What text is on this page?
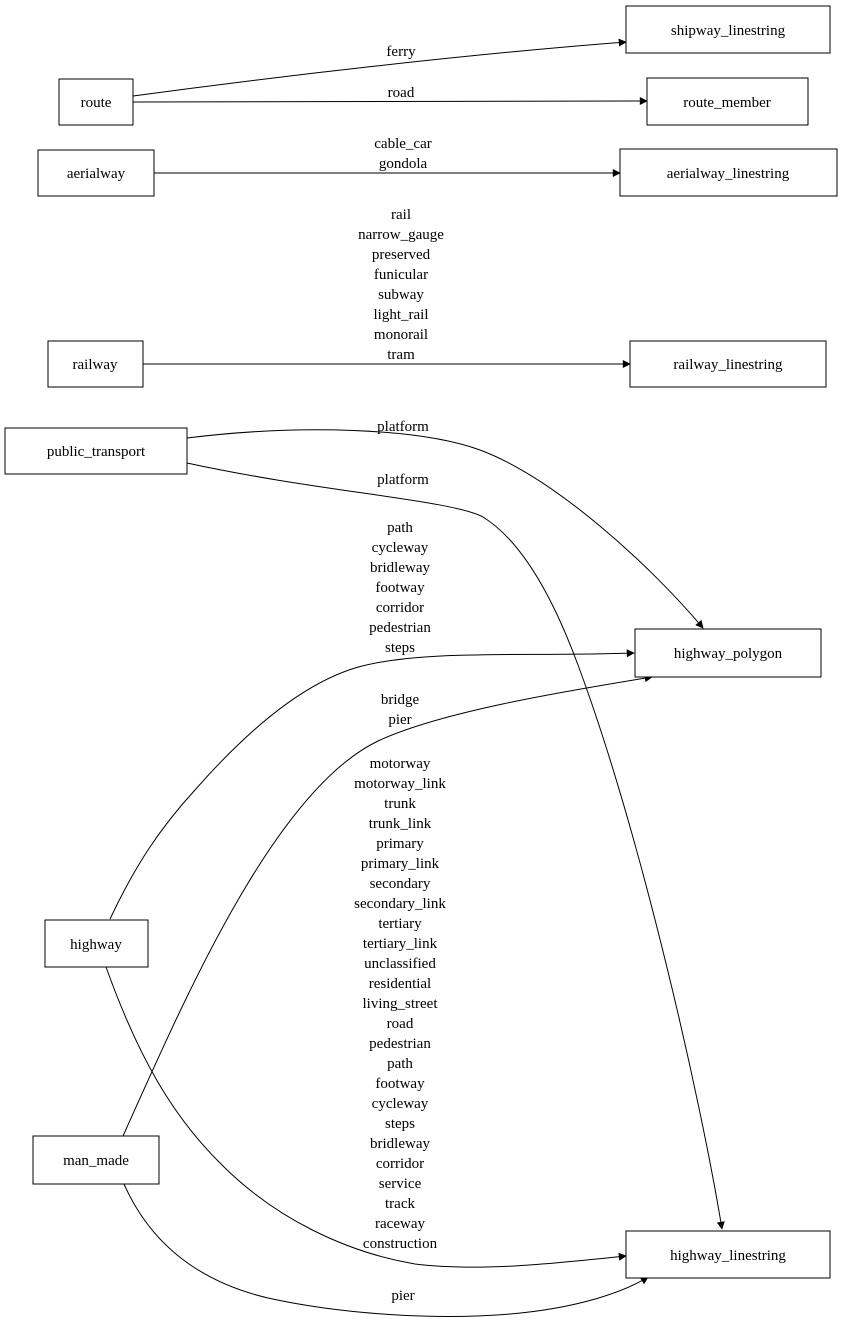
ferry
road
cable_car
gondola
rail
narrow_gauge
preserved
funicular
subway
light_rail
monorail
tram
platform
platform
path
cycleway
bridleway
footway
corridor
pedestrian
steps
bridge
pier
motorway
motorway_link
trunk
trunk_link
primary
primary_link
secondary
secondary_link
tertiary
tertiary_link
unclassified
residential
living_street
road
pedestrian
path
footway
cycleway
steps
bridleway
corridor
service
track
raceway
construction
pier
route
aerialway
railway
public_transport
highway
man_made
shipway_linestring
route_member
aerialway_linestring
railway_linestring
highway_polygon
highway_linestring
